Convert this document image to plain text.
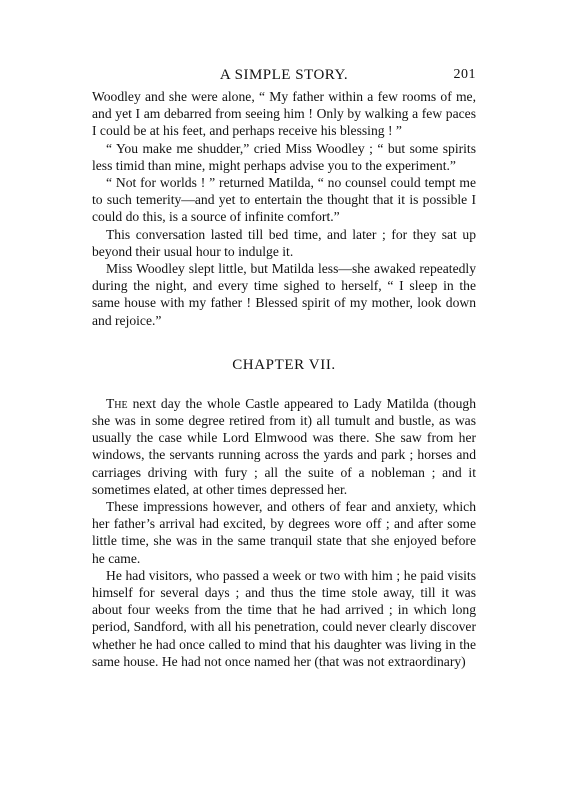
A SIMPLE STORY.	201

Woodley and she were alone, “ My father within a few rooms of me, and yet I am debarred from seeing him ! Only by walking a few paces I could be at his feet, and perhaps receive his blessing ! ”

“ You make me shudder,” cried Miss Woodley ; “ but some spirits less timid than mine, might perhaps advise you to the experiment.”

“ Not for worlds ! ” returned Matilda, “ no counsel could tempt me to such temerity—and yet to entertain the thought that it is possible I could do this, is a source of infinite comfort.”

This conversation lasted till bed time, and later ; for they sat up beyond their usual hour to indulge it.

Miss Woodley slept little, but Matilda less—she awaked repeatedly during the night, and every time sighed to herself, “ I sleep in the same house with my father ! Blessed spirit of my mother, look down and rejoice.”

CHAPTER VII.

The next day the whole Castle appeared to Lady Matilda (though she was in some degree retired from it) all tumult and bustle, as was usually the case while Lord Elmwood was there. She saw from her windows, the servants running across the yards and park ; horses and carriages driving with fury ; all the suite of a nobleman ; and it sometimes elated, at other times depressed her.

These impressions however, and others of fear and anxiety, which her father’s arrival had excited, by degrees wore off ; and after some little time, she was in the same tranquil state that she enjoyed before he came.

He had visitors, who passed a week or two with him ; he paid visits himself for several days ; and thus the time stole away, till it was about four weeks from the time that he had arrived ; in which long period, Sandford, with all his penetration, could never clearly discover whether he had once called to mind that his daughter was living in the same house. He had not once named her (that was not extraordinary)
